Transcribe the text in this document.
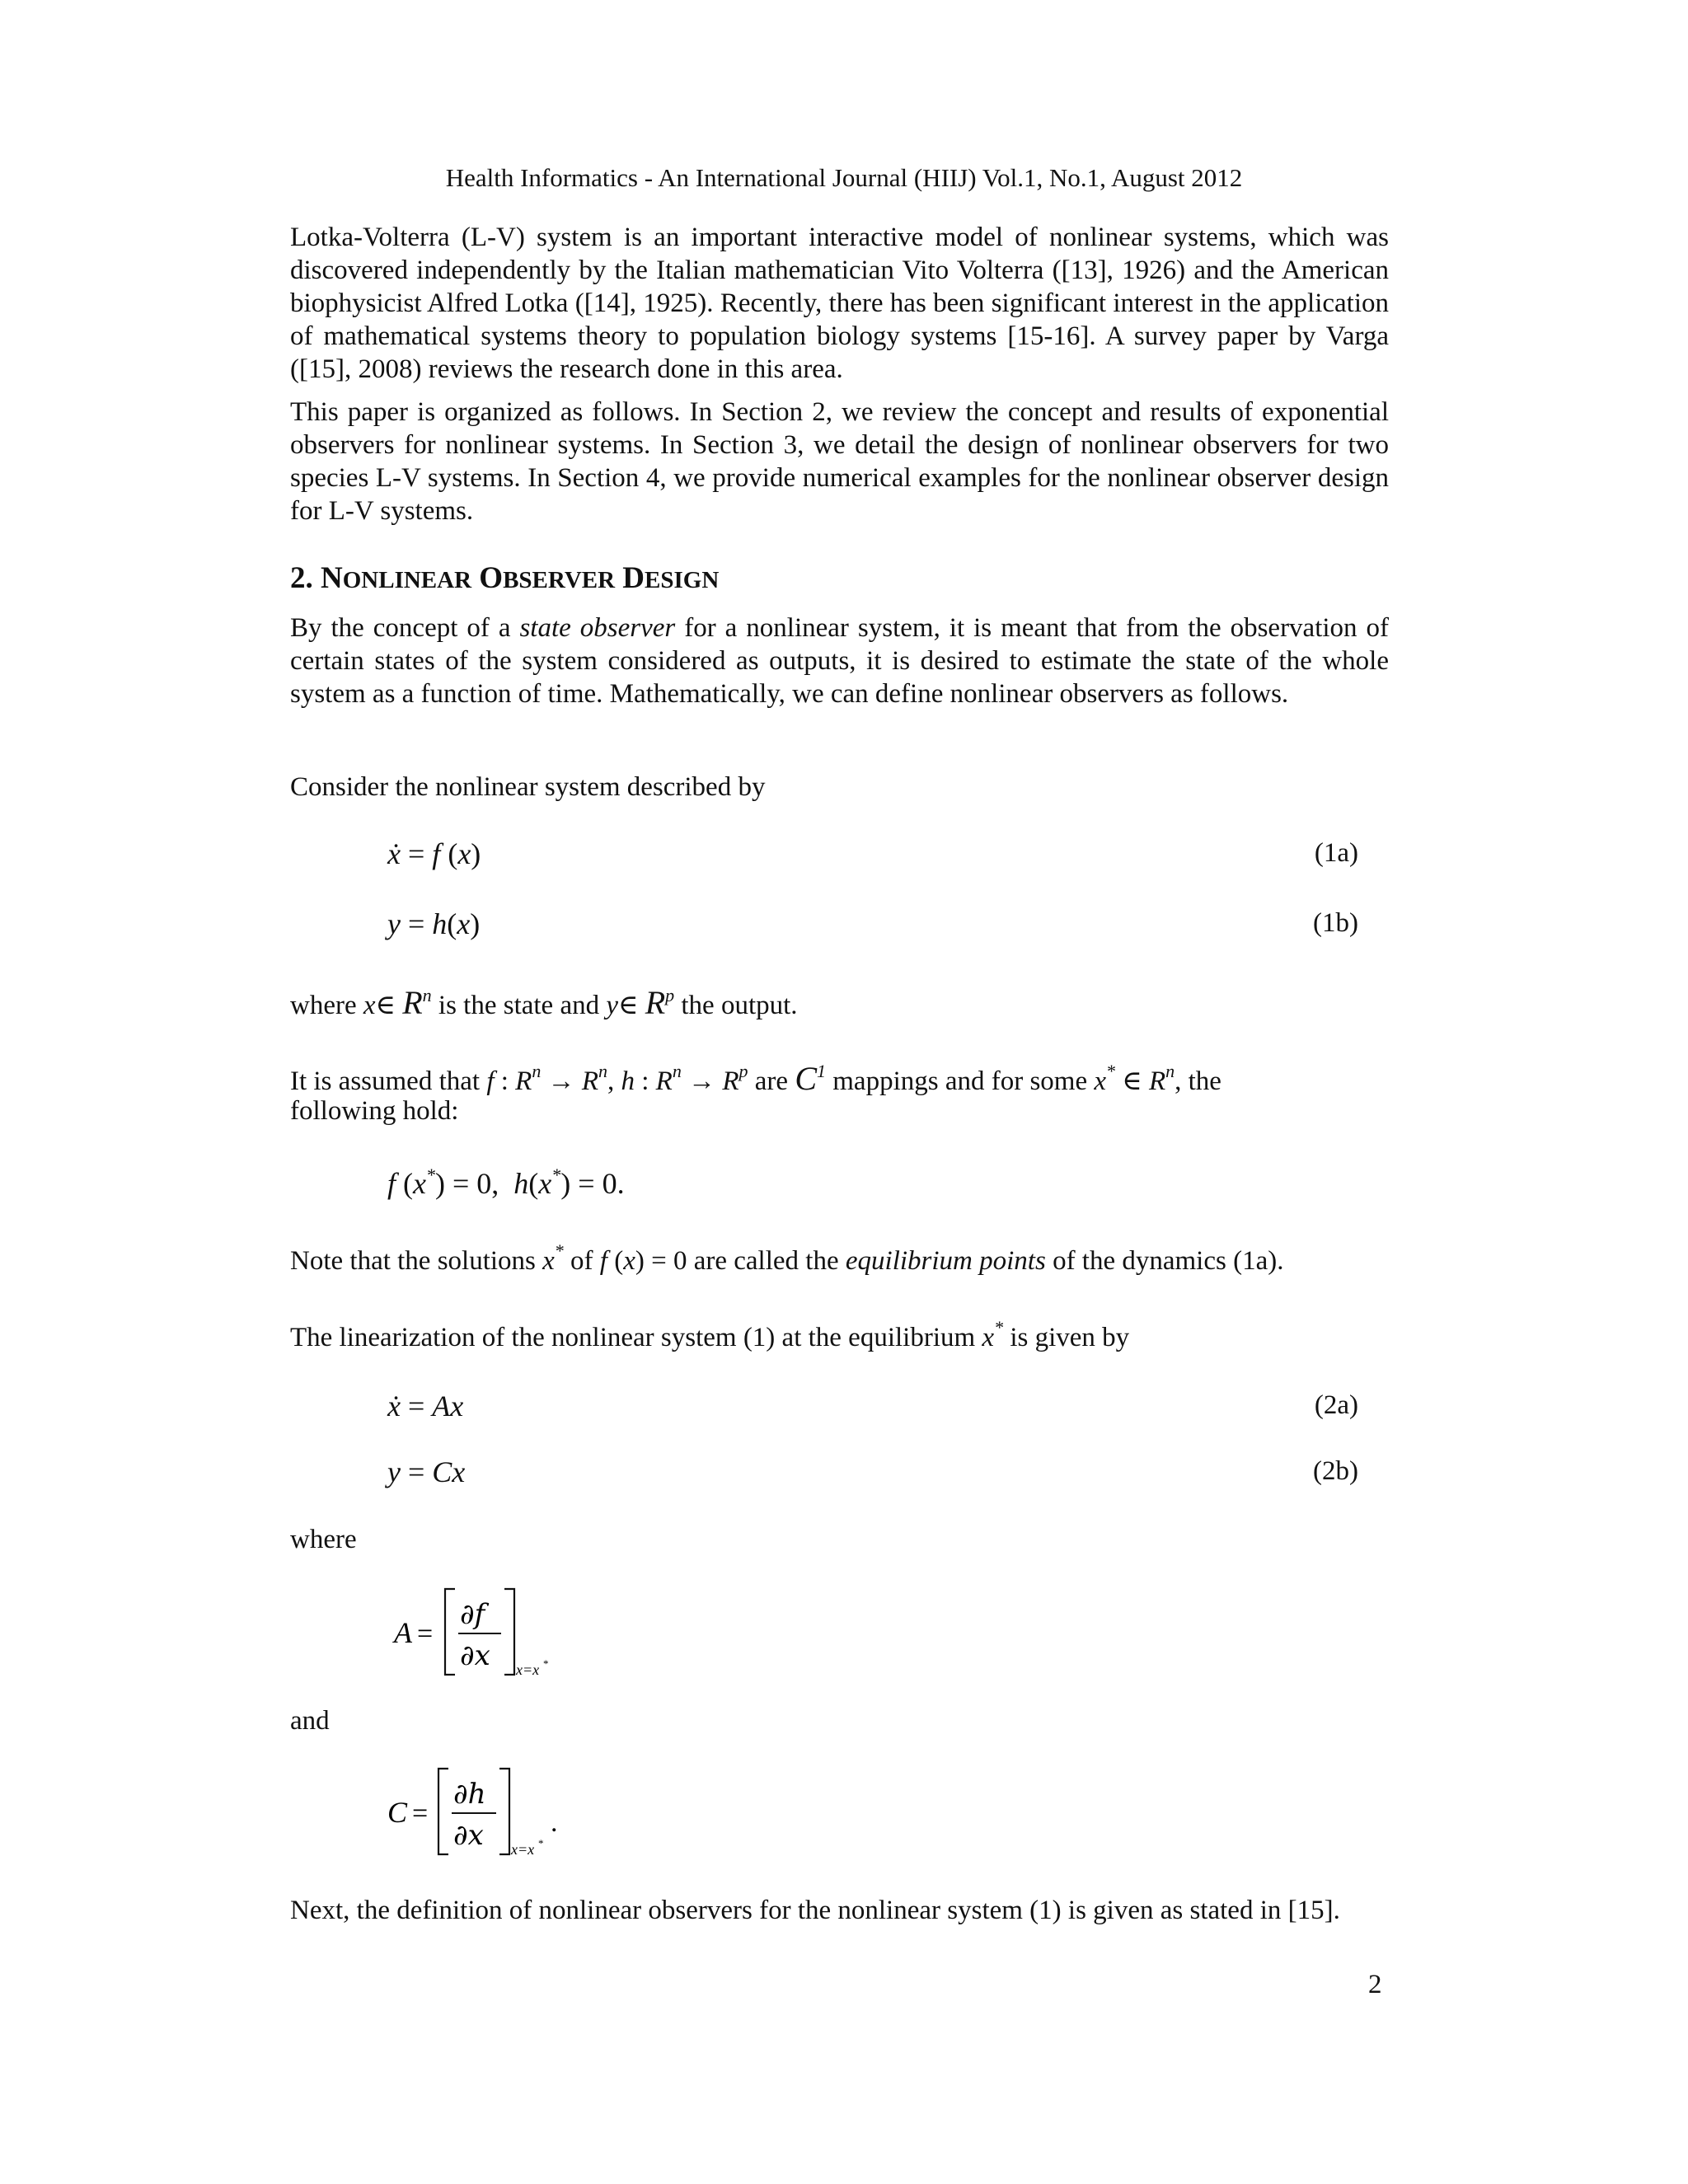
Health Informatics - An International Journal (HIIJ) Vol.1, No.1, August 2012

Lotka-Volterra (L-V) system is an important interactive model of nonlinear systems, which was discovered independently by the Italian mathematician Vito Volterra ([13], 1926) and the American biophysicist Alfred Lotka ([14], 1925). Recently, there has been significant interest in the application of mathematical systems theory to population biology systems [15-16]. A survey paper by Varga ([15], 2008) reviews the research done in this area.

This paper is organized as follows. In Section 2, we review the concept and results of exponential observers for nonlinear systems. In Section 3, we detail the design of nonlinear observers for two species L-V systems. In Section 4, we provide numerical examples for the nonlinear observer design for L-V systems.

2. NONLINEAR OBSERVER DESIGN

By the concept of a state observer for a nonlinear system, it is meant that from the observation of certain states of the system considered as outputs, it is desired to estimate the state of the whole system as a function of time. Mathematically, we can define nonlinear observers as follows.

Consider the nonlinear system described by
ẋ = f (x)	(1a)
y = h(x)	(1b)
where x∈ $R^n$ is the state and y∈ $R^p$ the output.
It is assumed that f : $R^n \to R^n$, h : $R^n \to R^p$ are $C^1$ mappings and for some x* ∈ $R^n$, the
following hold:
f (x*) = 0,  h(x*) = 0.
Note that the solutions x* of f (x) = 0 are called the equilibrium points of the dynamics (1a).
The linearization of the nonlinear system (1) at the equilibrium x* is given by
ẋ = Ax	(2a)
y = Cx	(2b)
where
A =
∂f
∂x x=x *
and
C =
∂h
∂x x=x *
.
Next, the definition of nonlinear observers for the nonlinear system (1) is given as stated in [15].
2
